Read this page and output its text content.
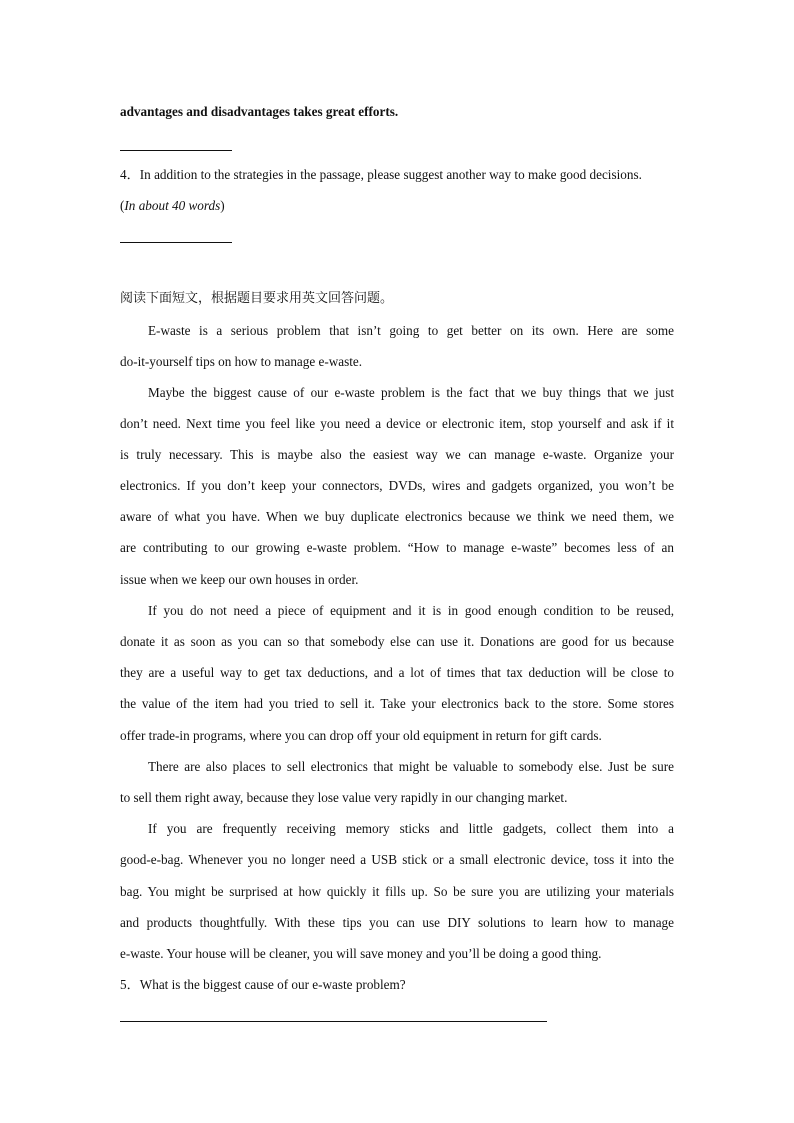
advantages and disadvantages takes great efforts.
4．In addition to the strategies in the passage, please suggest another way to make good decisions.
(In about 40 words)
阅读下面短文，根据题目要求用英文回答问题。
E-waste is a serious problem that isn’t going to get better on its own. Here are some
do-it-yourself tips on how to manage e-waste.
Maybe the biggest cause of our e-waste problem is the fact that we buy things that we just
don’t need. Next time you feel like you need a device or electronic item, stop yourself and ask if it
is truly necessary. This is maybe also the easiest way we can manage e-waste. Organize your
electronics. If you don’t keep your connectors, DVDs, wires and gadgets organized, you won’t be
aware of what you have. When we buy duplicate electronics because we think we need them, we
are contributing to our growing e-waste problem. “How to manage e-waste” becomes less of an
issue when we keep our own houses in order.
If you do not need a piece of equipment and it is in good enough condition to be reused,
donate it as soon as you can so that somebody else can use it. Donations are good for us because
they are a useful way to get tax deductions, and a lot of times that tax deduction will be close to
the value of the item had you tried to sell it. Take your electronics back to the store. Some stores
offer trade-in programs, where you can drop off your old equipment in return for gift cards.
There are also places to sell electronics that might be valuable to somebody else. Just be sure
to sell them right away, because they lose value very rapidly in our changing market.
If you are frequently receiving memory sticks and little gadgets, collect them into a
good-e-bag. Whenever you no longer need a USB stick or a small electronic device, toss it into the
bag. You might be surprised at how quickly it fills up. So be sure you are utilizing your materials
and products thoughtfully. With these tips you can use DIY solutions to learn how to manage
e-waste. Your house will be cleaner, you will save money and you’ll be doing a good thing.
5．What is the biggest cause of our e-waste problem?
